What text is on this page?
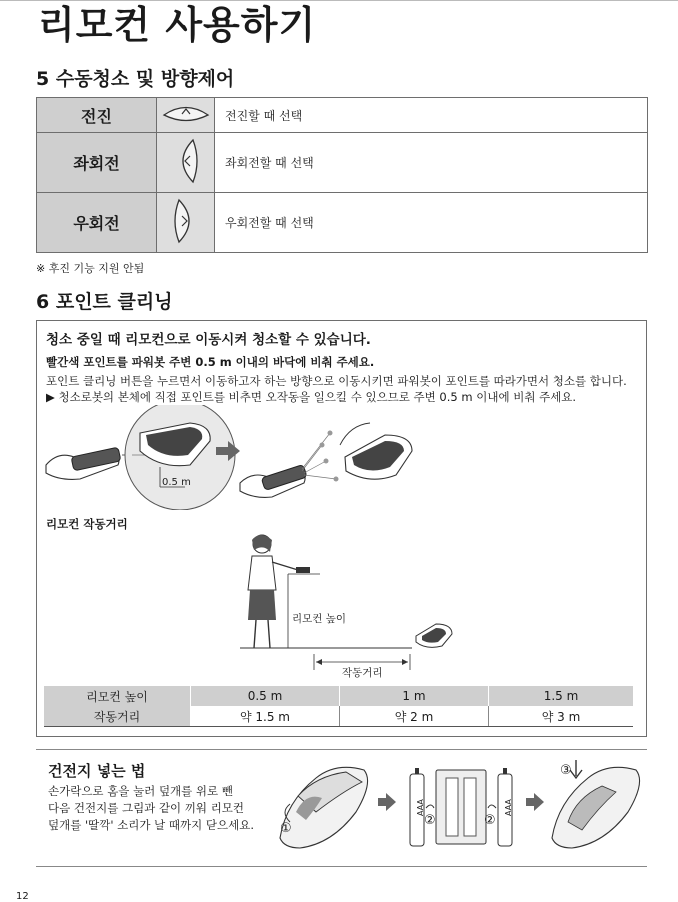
리모컨 사용하기
5 수동청소 및 방향제어
전진		전진할 때 선택
좌회전		좌회전할 때 선택
우회전		우회전할 때 선택
※ 후진 기능 지원 안됨
6 포인트 클리닝
청소 중일 때 리모컨으로 이동시켜 청소할 수 있습니다.
빨간색 포인트를 파워봇 주변 0.5 m 이내의 바닥에 비춰 주세요.
포인트 클리닝 버튼을 누르면서 이동하고자 하는 방향으로 이동시키면 파워봇이 포인트를 따라가면서 청소를 합니다.
▶ 청소로봇의 본체에 직접 포인트를 비추면 오작동을 일으킬 수 있으므로 주변 0.5 m 이내에 비춰 주세요.
0.5 m
리모컨 작동거리
리모컨 높이
작동거리
리모컨 높이	0.5 m	1 m	1.5 m
작동거리	약 1.5 m	약 2 m	약 3 m
건전지 넣는 법
손가락으로 홈을 눌러 덮개를 위로 뺀
다음 건전지를 그림과 같이 끼워 리모컨
덮개를 '딸깍' 소리가 날 때까지 닫으세요. ①
AAA	AAA
②	②
③
12
